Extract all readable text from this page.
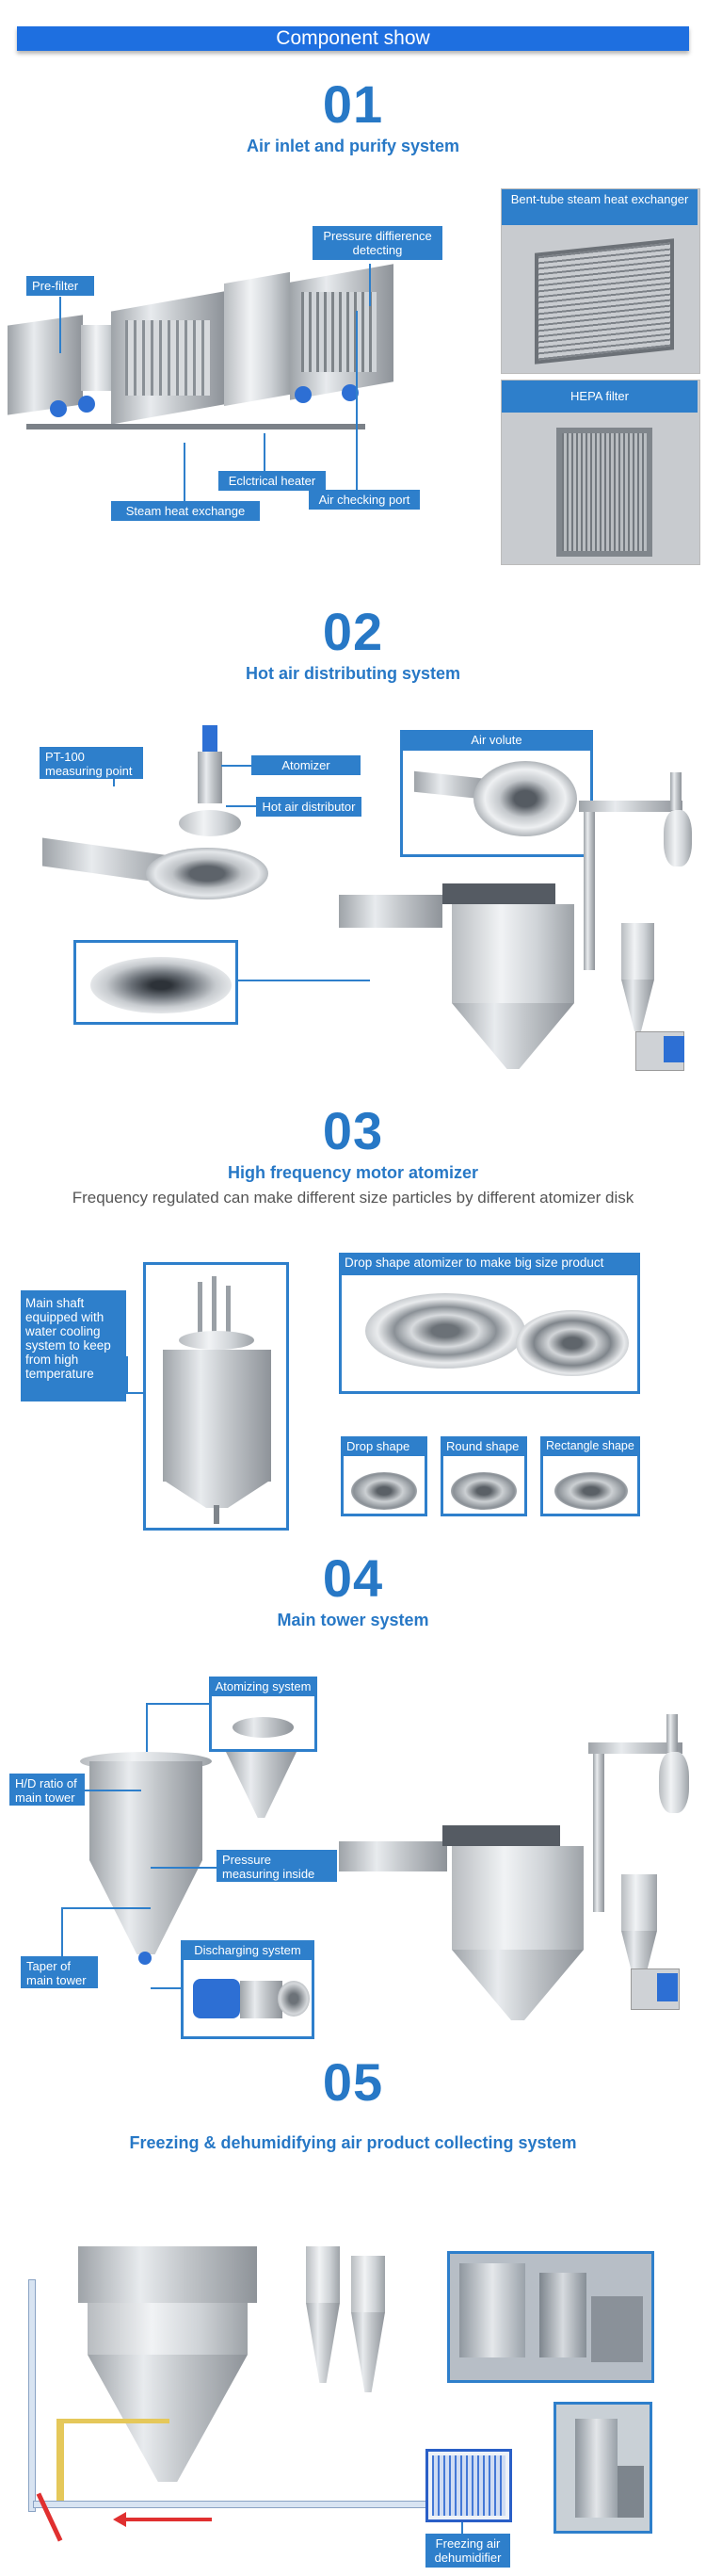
Component show
01
Air inlet and purify system
Pre-filter
Pressure diffierence detecting
Eclctrical heater
Steam heat exchange
Air checking port
Bent-tube steam heat exchanger
HEPA filter
02
Hot air distributing system
PT-100 measuring point	Atomizer
Hot air distributor
Air volute
03
High frequency motor atomizer
Frequency regulated can make different size particles by different atomizer disk
Main shaft equipped with water cooling system to keep from high temperature
Drop shape atomizer to make big size product
Drop shape	Round shape	Rectangle shape
04
Main tower system
Atomizing system
H/D ratio of main tower
Pressure measuring inside tower
Taper of main tower
Discharging system
05
Freezing & dehumidifying air product collecting system
Freezing air dehumidifier
